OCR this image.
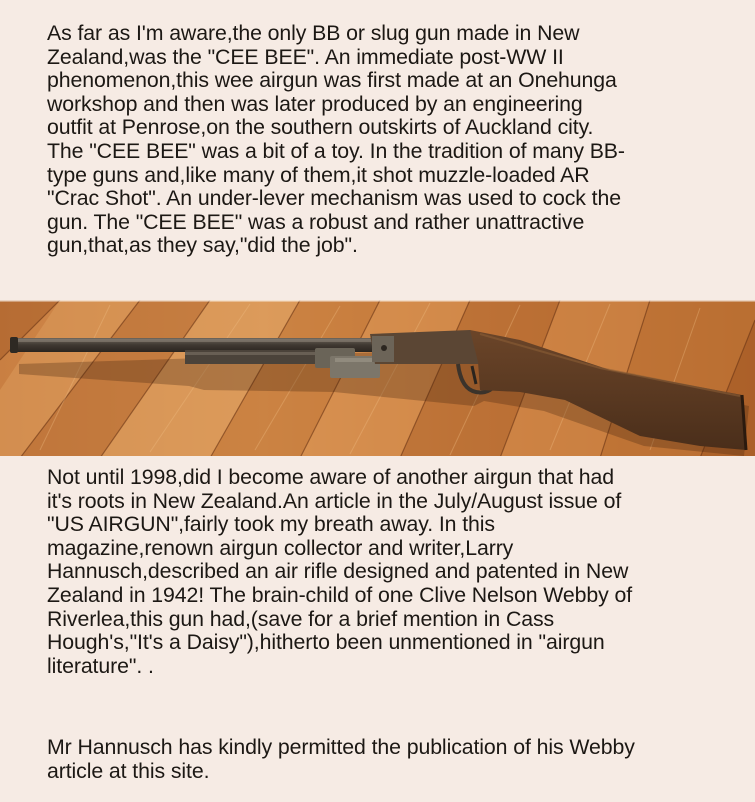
As far as I'm aware,the only BB or slug gun made in New
Zealand,was the "CEE BEE". An immediate post-WW II
phenomenon,this wee airgun was first made at an Onehunga
workshop and then was later produced by an engineering
outfit at Penrose,on the southern outskirts of Auckland city.
The "CEE BEE" was a bit of a toy. In the tradition of many BB-
type guns and,like many of them,it shot muzzle-loaded AR
"Crac Shot". An under-lever mechanism was used to cock the
gun. The "CEE BEE" was a robust and rather unattractive
gun,that,as they say,"did the job".

Not until 1998,did I become aware of another airgun that had
it's roots in New Zealand.An article in the July/August issue of
"US AIRGUN",fairly took my breath away. In this
magazine,renown airgun collector and writer,Larry
Hannusch,described an air rifle designed and patented in New
Zealand in 1942! The brain-child of one Clive Nelson Webby of
Riverlea,this gun had,(save for a brief mention in Cass
Hough's,"It's a Daisy"),hitherto been unmentioned in "airgun
literature". .

Mr Hannusch has kindly permitted the publication of his Webby
article at this site.
